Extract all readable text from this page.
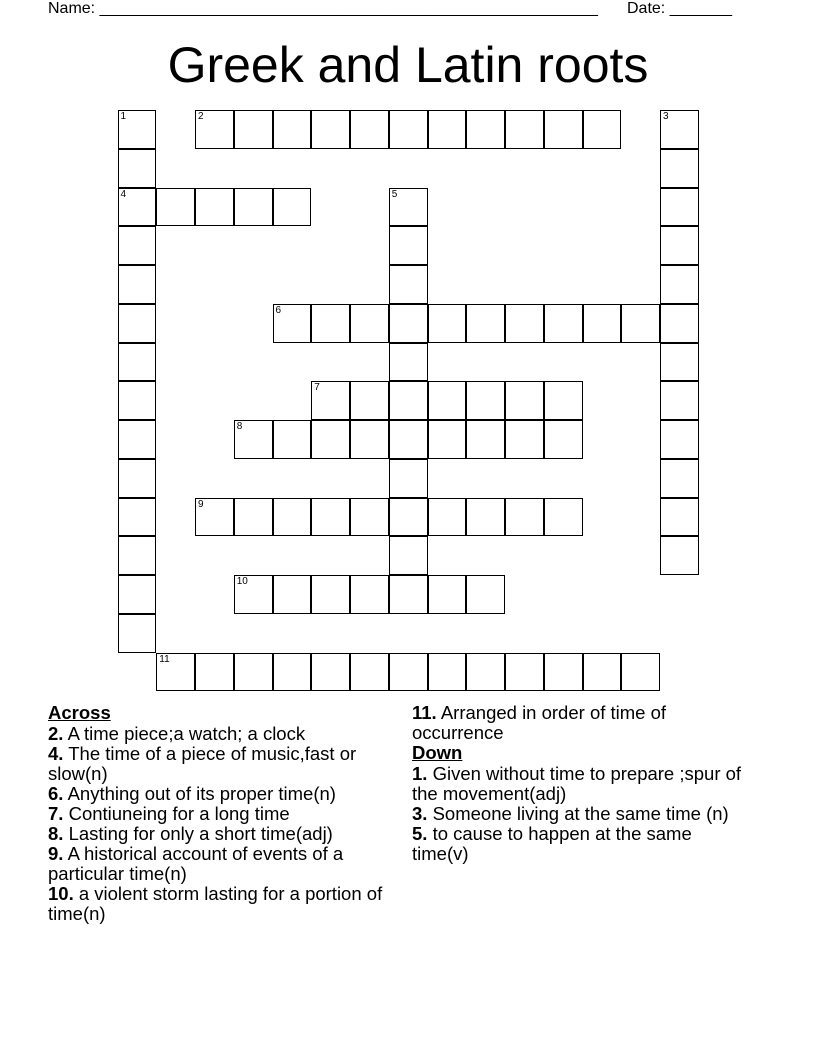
Name: ________________________________________________________ Date: _______
Greek and Latin roots
1
4
2	3
5
6
7
8
9
10
11
Across
2. A time piece;a watch; a clock
4. The time of a piece of music,fast or slow(n)
6. Anything out of its proper time(n)
7. Contiuneing for a long time
8. Lasting for only a short time(adj)
9. A historical account of events of a particular time(n)
10. a violent storm lasting for a portion of time(n)
11. Arranged in order of time of occurrence
Down
1. Given without time to prepare ;spur of the movement(adj)
3. Someone living at the same time (n)
5. to cause to happen at the same time(v)
